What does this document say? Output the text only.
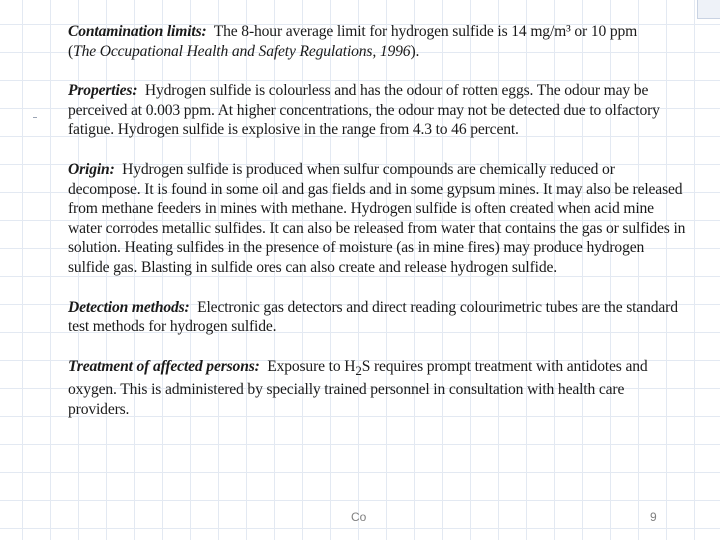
Contamination limits: The 8-hour average limit for hydrogen sulfide is 14 mg/m³ or 10 ppm
(The Occupational Health and Safety Regulations, 1996).

Properties: Hydrogen sulfide is colourless and has the odour of rotten eggs. The odour may be perceived at 0.003 ppm. At higher concentrations, the odour may not be detected due to olfactory fatigue. Hydrogen sulfide is explosive in the range from 4.3 to 46 percent.

Origin: Hydrogen sulfide is produced when sulfur compounds are chemically reduced or decompose. It is found in some oil and gas fields and in some gypsum mines. It may also be released from methane feeders in mines with methane. Hydrogen sulfide is often created when acid mine water corrodes metallic sulfides. It can also be released from water that contains the gas or sulfides in solution. Heating sulfides in the presence of moisture (as in mine fires) may produce hydrogen sulfide gas. Blasting in sulfide ores can also create and release hydrogen sulfide.

Detection methods: Electronic gas detectors and direct reading colourimetric tubes are the standard test methods for hydrogen sulfide.

Treatment of affected persons: Exposure to $H_2S$ requires prompt treatment with antidotes and oxygen. This is administered by specially trained personnel in consultation with health care providers.

Co	9
